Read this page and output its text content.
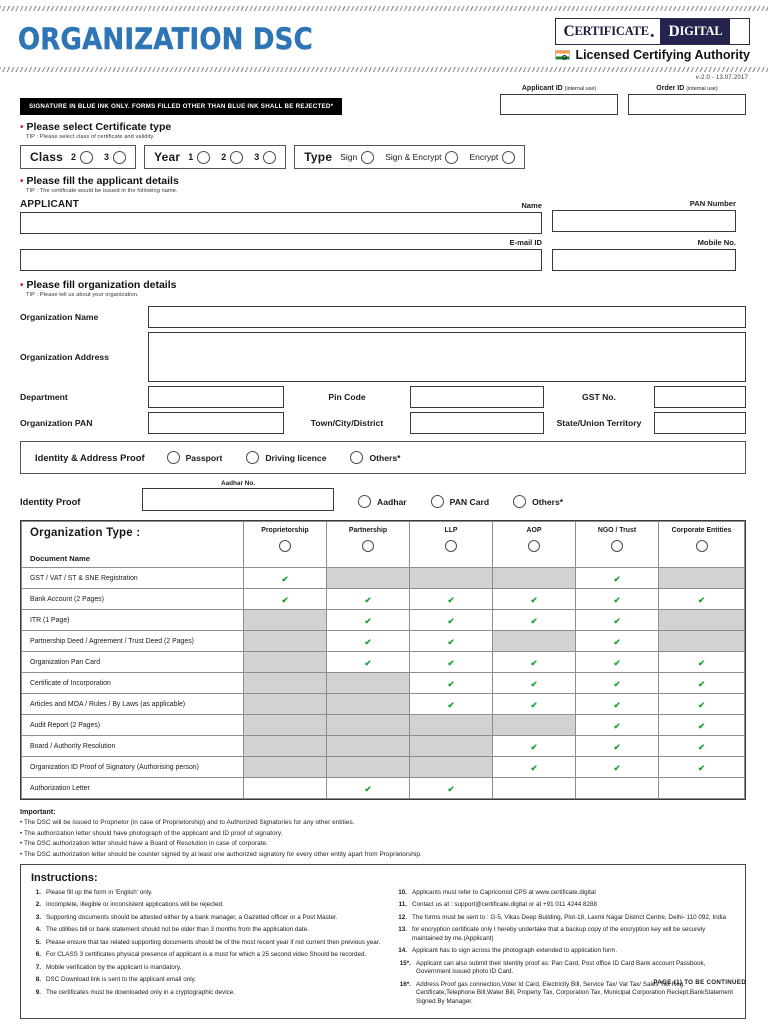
ORGANIZATION DSC	C ERTIFICATE . D IGITAL
Licensed Certifying Authority
v-2.0 - 13.07.2017
SIGNATURE IN BLUE INK ONLY. FORMS FILLED OTHER THAN BLUE INK SHALL BE REJECTED*
Applicant ID (internal use)	Order ID (internal use)
• Please select Certificate type
TIP : Please select class of certificate and validity.
Class 2	3	Year 1	2	3	Type Sign	Sign & Encrypt	Encrypt
• Please fill the applicant details
TIP : The certificate would be issued in the following name.
APPLICANT	Name	PAN Number
E-mail ID	Mobile No.
• Please fill organization details
TIP : Please tell us about your organization.
Organization Name
Organization Address
Department	Pin Code	GST No.
Organization PAN	Town/City/District	State/Union Territory
Identity & Address Proof	Passport	Driving licence	Others*
Identity Proof
Aadhar No.
Aadhar	PAN Card	Others*
Organization Type :
Document Name	Proprietorship	Partnership	LLP	AOP	NGO / Trust	Corporate Entities

GST / VAT / ST & SNE Registration	✔				✔	
Bank Account (2 Pages)	✔	✔	✔	✔	✔	✔
ITR (1 Page)		✔	✔	✔	✔	
Partnership Deed / Agreement / Trust Deed (2 Pages)		✔	✔		✔	
Organization Pan Card		✔	✔	✔	✔	✔
Certificate of Incorporation			✔	✔	✔	✔
Articles and MOA / Rules / By Laws (as applicable)			✔	✔	✔	✔
Audit Report (2 Pages)					✔	✔
Board / Authority Resolution				✔	✔	✔
Organization ID Proof of Signatory (Authorising person)				✔	✔	✔
Authorization Letter		✔	✔			
Important:
• The DSC will be issued to Proprietor (in case of Proprietorship) and to Authorized Signatories for any other entities.
• The authorization letter should have photograph of the applicant and ID proof of signatory.
• The DSC authorization letter should have a Board of Resolution in case of corporate.
• The DSC authorization letter should be counter signed by at least one authorized signatory for every other entity apart from Proprietorship.
Instructions:
1. Please fill up the form in 'English' only.
2. Incomplete, illegible or inconsistent applications will be rejected.
3. Supporting documents should be attested either by a bank manager, a Gazetted officer or a Post Master.
4. The utilities bill or bank statement should not be older than 3 months from the application date.
5. Please ensure that tax related supporting documents should be of the most recent year if not current then previous year.
6. For CLASS 3 certificates physical presence of applicant is a must for which a 25 second video Should be recorded.
7. Mobile verification by the applicant is mandatory.
8. DSC Download link is sent to the applicant email only.
9. The certificates must be downloaded only in a cryptographic device.
10. Applicants must refer to Capricornid CPS at www.certificate.digital
11. Contact us at : support@certificate.digital or at +91 011 4244 8288
12. The forms must be sent to : G-5, Vikas Deep Building, Plot-18, Laxmi Nagar District Centre, Delhi- 110 092, India
13. for encryption certificate only I hereby undertake that a backup copy of the encryption key will be securely maintained by me.(Applicant)
14. Applicant has to sign across the photograph extended to application form.
15*. Applicant can also submit their Identity proof as: Pan Card, Post office ID Card Bank account Passbook, Government issued photo ID Card.
16*. Address Proof gas connection,Voter Id Card, Electricity Bill, Service Tax/ Vat Tax/ Sales Tax Reg. Certificate,Telephone Bill,Water Bill, Property Tax, Corporation Tax, Municipal Corporation Reciept,BankStatement Signed By Manager.
PAGE (1) TO BE CONTINUED
